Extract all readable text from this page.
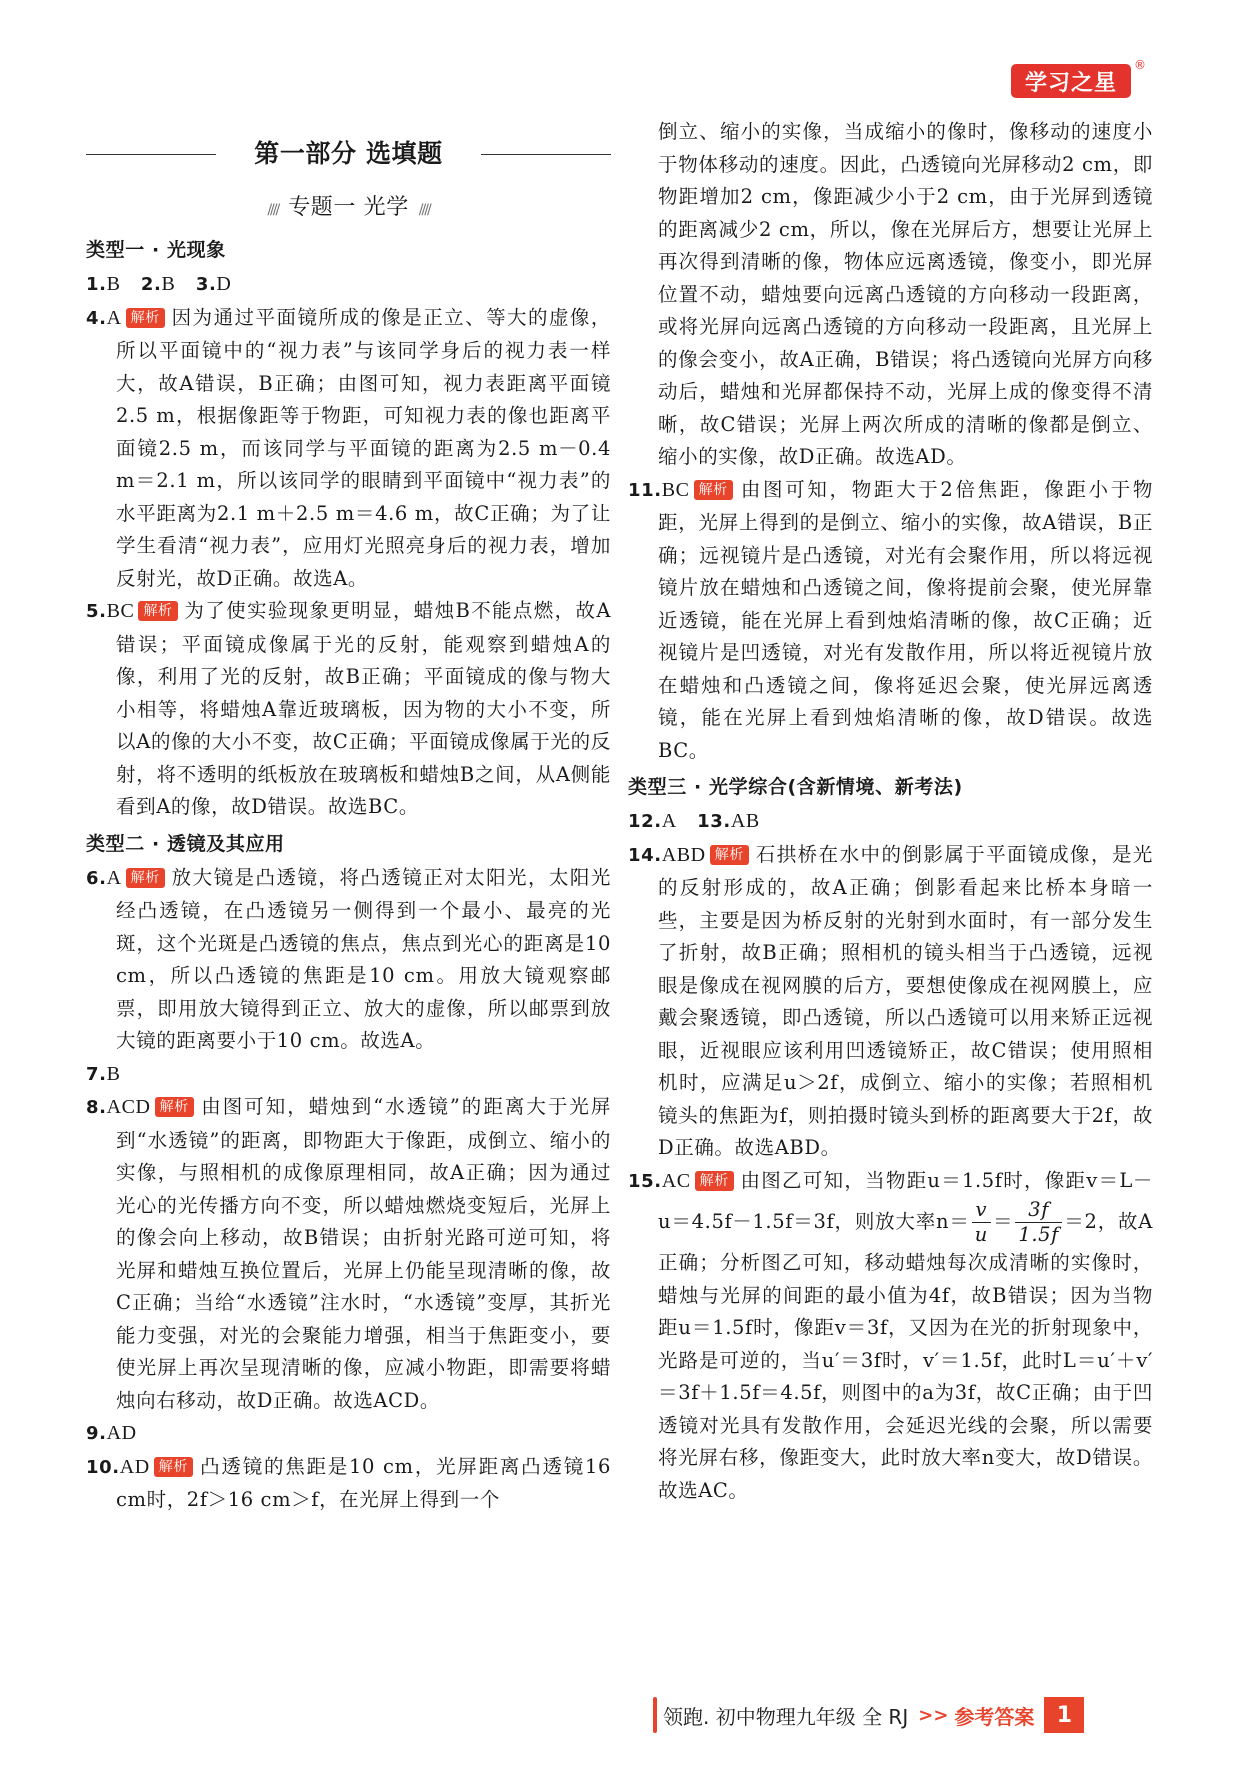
学习之星
®
第一部分 选填题
//// 专题一 光学 ////
类型一 · 光现象
1.B 2.B 3.D
4.A 解析 因为通过平面镜所成的像是正立、等大的虚像，所以平面镜中的“视力表”与该同学身后的视力表一样大，故A错误，B正确；由图可知，视力表距离平面镜2.5 m，根据像距等于物距，可知视力表的像也距离平面镜2.5 m，而该同学与平面镜的距离为2.5 m－0.4 m＝2.1 m，所以该同学的眼睛到平面镜中“视力表”的水平距离为2.1 m＋2.5 m＝4.6 m，故C正确；为了让学生看清“视力表”，应用灯光照亮身后的视力表，增加反射光，故D正确。故选A。
5.BC 解析 为了使实验现象更明显，蜡烛B不能点燃，故A错误；平面镜成像属于光的反射，能观察到蜡烛A的像，利用了光的反射，故B正确；平面镜成的像与物大小相等，将蜡烛A靠近玻璃板，因为物的大小不变，所以A的像的大小不变，故C正确；平面镜成像属于光的反射，将不透明的纸板放在玻璃板和蜡烛B之间，从A侧能看到A的像，故D错误。故选BC。
类型二 · 透镜及其应用
6.A 解析 放大镜是凸透镜，将凸透镜正对太阳光，太阳光经凸透镜，在凸透镜另一侧得到一个最小、最亮的光斑，这个光斑是凸透镜的焦点，焦点到光心的距离是10 cm，所以凸透镜的焦距是10 cm。用放大镜观察邮票，即用放大镜得到正立、放大的虚像，所以邮票到放大镜的距离要小于10 cm。故选A。
7.B
8.ACD 解析 由图可知，蜡烛到“水透镜”的距离大于光屏到“水透镜”的距离，即物距大于像距，成倒立、缩小的实像，与照相机的成像原理相同，故A正确；因为通过光心的光传播方向不变，所以蜡烛燃烧变短后，光屏上的像会向上移动，故B错误；由折射光路可逆可知，将光屏和蜡烛互换位置后，光屏上仍能呈现清晰的像，故C正确；当给“水透镜”注水时，“水透镜”变厚，其折光能力变强，对光的会聚能力增强，相当于焦距变小，要使光屏上再次呈现清晰的像，应减小物距，即需要将蜡烛向右移动，故D正确。故选ACD。
9.AD
10.AD 解析 凸透镜的焦距是10 cm，光屏距离凸透镜16 cm时，2f＞16 cm＞f，在光屏上得到一个
倒立、缩小的实像，当成缩小的像时，像移动的速度小于物体移动的速度。因此，凸透镜向光屏移动2 cm，即物距增加2 cm，像距减少小于2 cm，由于光屏到透镜的距离减少2 cm，所以，像在光屏后方，想要让光屏上再次得到清晰的像，物体应远离透镜，像变小，即光屏位置不动，蜡烛要向远离凸透镜的方向移动一段距离，或将光屏向远离凸透镜的方向移动一段距离，且光屏上的像会变小，故A正确，B错误；将凸透镜向光屏方向移动后，蜡烛和光屏都保持不动，光屏上成的像变得不清晰，故C错误；光屏上两次所成的清晰的像都是倒立、缩小的实像，故D正确。故选AD。
11.BC 解析 由图可知，物距大于2倍焦距，像距小于物距，光屏上得到的是倒立、缩小的实像，故A错误，B正确；远视镜片是凸透镜，对光有会聚作用，所以将远视镜片放在蜡烛和凸透镜之间，像将提前会聚，使光屏靠近透镜，能在光屏上看到烛焰清晰的像，故C正确；近视镜片是凹透镜，对光有发散作用，所以将近视镜片放在蜡烛和凸透镜之间，像将延迟会聚，使光屏远离透镜，能在光屏上看到烛焰清晰的像，故D错误。故选BC。
类型三 · 光学综合(含新情境、新考法)
12.A 13.AB
14.ABD 解析 石拱桥在水中的倒影属于平面镜成像，是光的反射形成的，故A正确；倒影看起来比桥本身暗一些，主要是因为桥反射的光射到水面时，有一部分发生了折射，故B正确；照相机的镜头相当于凸透镜，远视眼是像成在视网膜的后方，要想使像成在视网膜上，应戴会聚透镜，即凸透镜，所以凸透镜可以用来矫正远视眼，近视眼应该利用凹透镜矫正，故C错误；使用照相机时，应满足u＞2f，成倒立、缩小的实像；若照相机镜头的焦距为f，则拍摄时镜头到桥的距离要大于2f，故D正确。故选ABD。
15.AC 解析 由图乙可知，当物距u＝1.5f时，像距v＝L－u＝4.5f－1.5f＝3f，则放大率$n= \frac{v}{u} = \frac{3f}{1.5f} =2$，故A正确；分析图乙可知，移动蜡烛每次成清晰的实像时，蜡烛与光屏的间距的最小值为4f，故B错误；因为当物距u＝1.5f时，像距v＝3f，又因为在光的折射现象中，光路是可逆的，当u′＝3f时，v′＝1.5f，此时L＝u′＋v′＝3f＋1.5f＝4.5f，则图中的a为3f，故C正确；由于凹透镜对光具有发散作用，会延迟光线的会聚，所以需要将光屏右移，像距变大，此时放大率n变大，故D错误。故选AC。
领跑. 初中物理九年级 全 RJ >> 参考答案	1
